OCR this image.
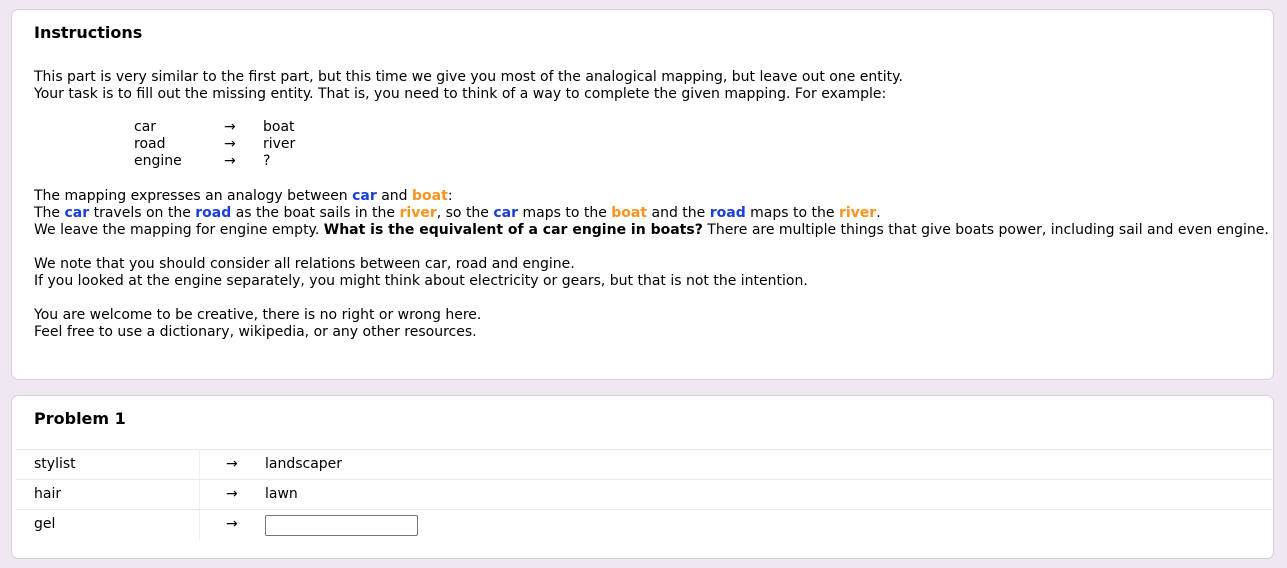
Instructions
This part is very similar to the first part, but this time we give you most of the analogical mapping, but leave out one entity.
Your task is to fill out the missing entity. That is, you need to think of a way to complete the given mapping. For example:
car	→	boat
road	→	river
engine	→	?
The mapping expresses an analogy between car and boat:
The car travels on the road as the boat sails in the river, so the car maps to the boat and the road maps to the river.
We leave the mapping for engine empty. What is the equivalent of a car engine in boats? There are multiple things that give boats power, including sail and even engine.
We note that you should consider all relations between car, road and engine.
If you looked at the engine separately, you might think about electricity or gears, but that is not the intention.
You are welcome to be creative, there is no right or wrong here.
Feel free to use a dictionary, wikipedia, or any other resources.
Problem 1
stylist	→ landscaper
hair	→ lawn
gel	→
